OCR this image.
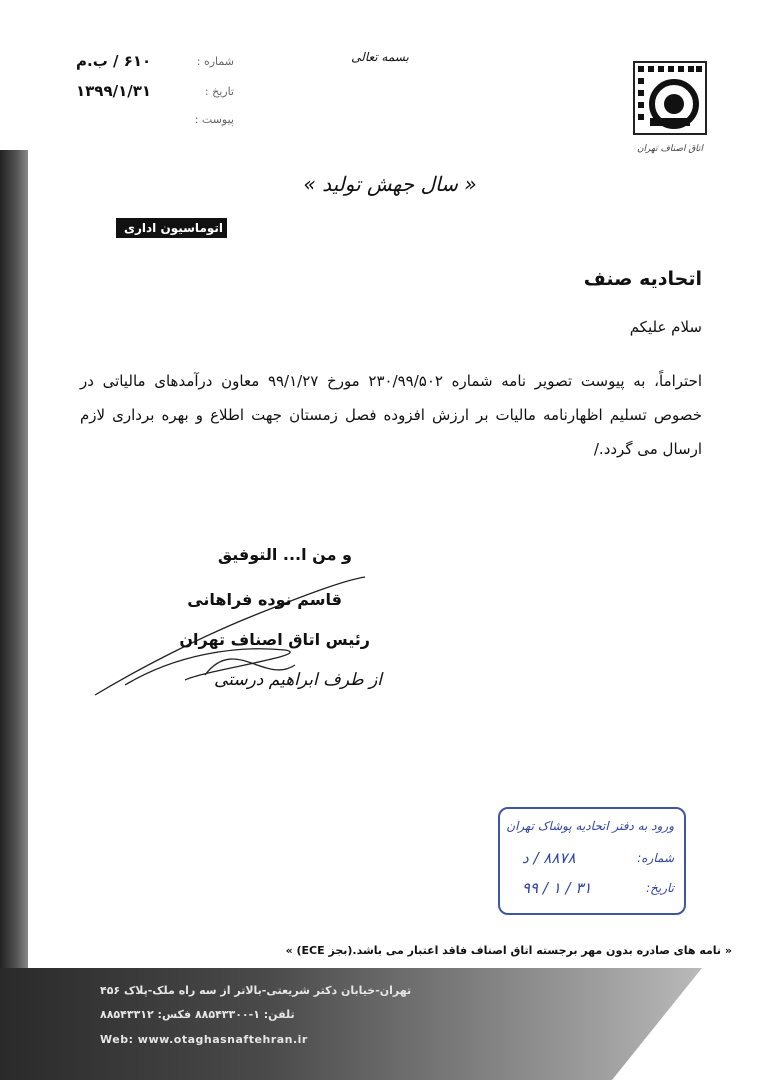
اتاق اصناف تهران
بسمه تعالی
شماره :
۶۱۰ / ب.م
تاریخ :
۱۳۹۹/۱/۳۱
پیوست :
« سال جهش تولید »
اتوماسیون اداری
اتحادیه صنف
سلام علیکم
احتراماً، به پیوست تصویر نامه شماره ۲۳۰/۹۹/۵۰۲ مورخ ۹۹/۱/۲۷ معاون درآمدهای مالیاتی در خصوص تسلیم اظهارنامه مالیات بر ارزش افزوده فصل زمستان جهت اطلاع و بهره برداری لازم ارسال می گردد./
و من ا... التوفیق
قاسم نوده فراهانی
رئیس اتاق اصناف تهران
از طرف ابراهیم درستی
ورود به دفتر اتحادیه پوشاک تهران
شماره:
۸۸۷۸ / د
تاریخ:
۹۹ / ۱ / ۳۱
« نامه های صادره بدون مهر برجسته اتاق اصناف فاقد اعتبار می باشد.(بجز ECE) »
تهران-خیابان دکتر شریعتی-بالاتر از سه راه ملک-پلاک ۴۵۶
تلفن: ۱-۸۸۵۴۳۳۰۰ فکس: ۸۸۵۴۳۳۱۲
Web: www.otaghasnaftehran.ir
